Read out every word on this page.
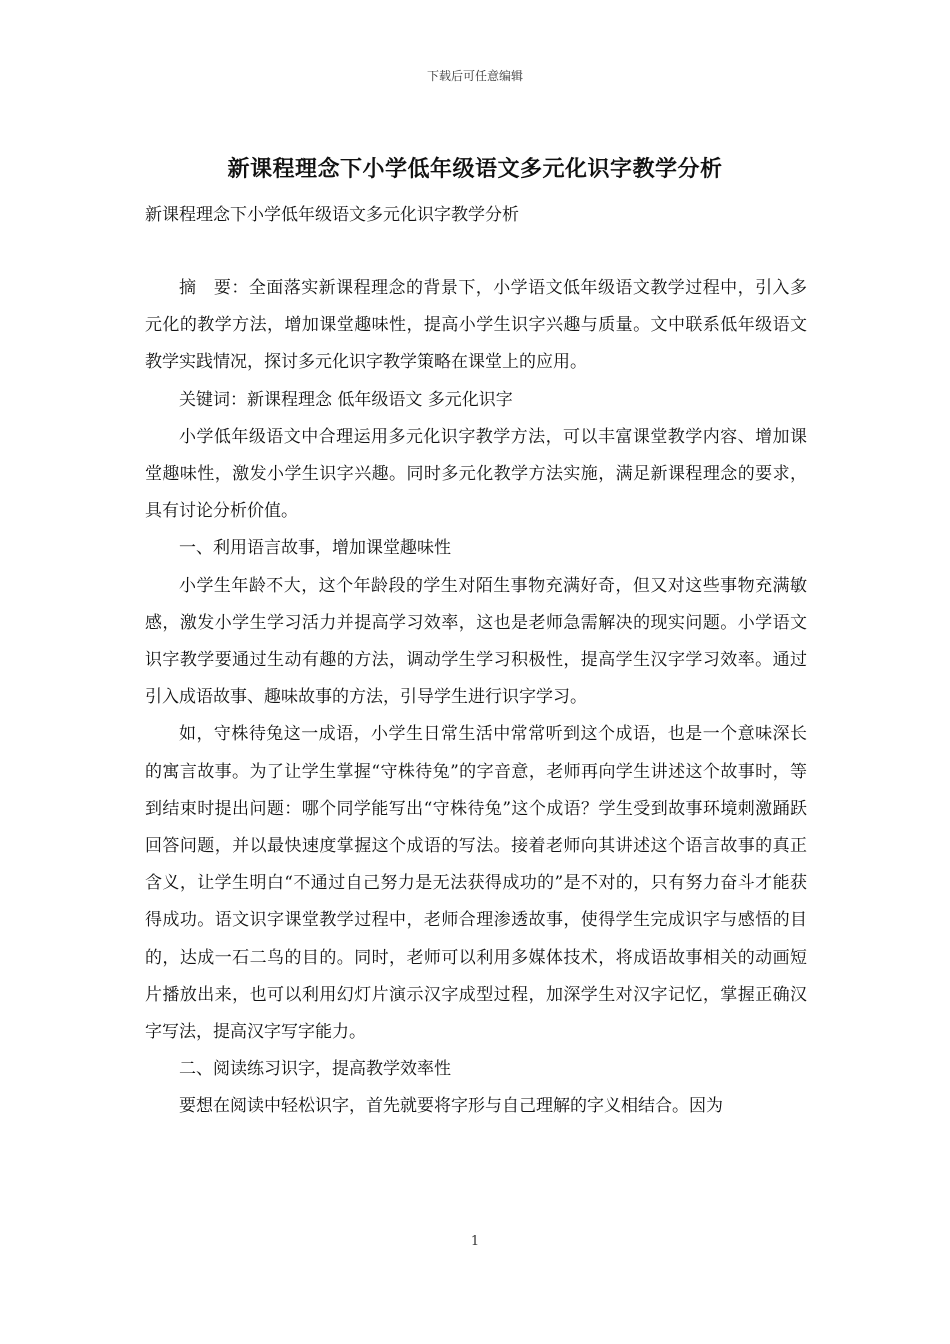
下载后可任意编辑
新课程理念下小学低年级语文多元化识字教学分析
新课程理念下小学低年级语文多元化识字教学分析

摘　要：全面落实新课程理念的背景下，小学语文低年级语文教学过程中，引入多元化的教学方法，增加课堂趣味性，提高小学生识字兴趣与质量。文中联系低年级语文教学实践情况，探讨多元化识字教学策略在课堂上的应用。

关键词：新课程理念 低年级语文 多元化识字

小学低年级语文中合理运用多元化识字教学方法，可以丰富课堂教学内容、增加课堂趣味性，激发小学生识字兴趣。同时多元化教学方法实施，满足新课程理念的要求，具有讨论分析价值。

一、利用语言故事，增加课堂趣味性

小学生年龄不大，这个年龄段的学生对陌生事物充满好奇，但又对这些事物充满敏感，激发小学生学习活力并提高学习效率，这也是老师急需解决的现实问题。小学语文识字教学要通过生动有趣的方法，调动学生学习积极性，提高学生汉字学习效率。通过引入成语故事、趣味故事的方法，引导学生进行识字学习。

如，守株待兔这一成语，小学生日常生活中常常听到这个成语，也是一个意味深长的寓言故事。为了让学生掌握“守株待兔”的字音意，老师再向学生讲述这个故事时，等到结束时提出问题：哪个同学能写出“守株待兔”这个成语？学生受到故事环境刺激踊跃回答问题，并以最快速度掌握这个成语的写法。接着老师向其讲述这个语言故事的真正含义，让学生明白“不通过自己努力是无法获得成功的”是不对的，只有努力奋斗才能获得成功。语文识字课堂教学过程中，老师合理渗透故事，使得学生完成识字与感悟的目的，达成一石二鸟的目的。同时，老师可以利用多媒体技术，将成语故事相关的动画短片播放出来，也可以利用幻灯片演示汉字成型过程，加深学生对汉字记忆，掌握正确汉字写法，提高汉字写字能力。

二、阅读练习识字，提高教学效率性

要想在阅读中轻松识字，首先就要将字形与自己理解的字义相结合。因为

1
